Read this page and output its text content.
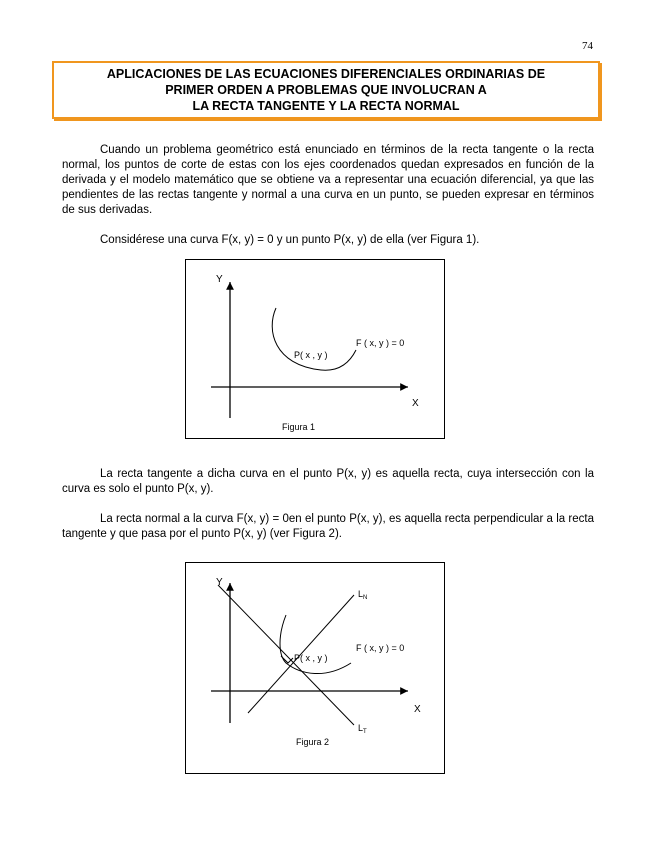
74
APLICACIONES DE LAS ECUACIONES DIFERENCIALES ORDINARIAS DE
PRIMER ORDEN A PROBLEMAS QUE INVOLUCRAN A
LA RECTA TANGENTE Y LA RECTA NORMAL

Cuando un problema geométrico está enunciado en términos de la recta tangente o la recta normal, los puntos de corte de estas con los ejes coordenados quedan expresados en función de la derivada y el modelo matemático que se obtiene va a representar una ecuación diferencial, ya que las pendientes de las rectas tangente y normal a una curva en un punto, se pueden expresar en términos de sus derivadas.

Considérese una curva F(x, y) = 0 y un punto P(x, y) de ella (ver Figura 1).

Y
X
P( x , y )
F ( x, y ) = 0
Figura 1

La recta tangente a dicha curva en el punto P(x, y) es aquella recta, cuya intersección con la curva es solo el punto P(x, y).

La recta normal a la curva F(x, y) = 0en el punto P(x, y), es aquella recta perpendicular a la recta tangente y que pasa por el punto P(x, y) (ver Figura 2).

Y
X
P( x , y )
F ( x, y ) = 0
$L_N$
$L_T$
Figura 2
